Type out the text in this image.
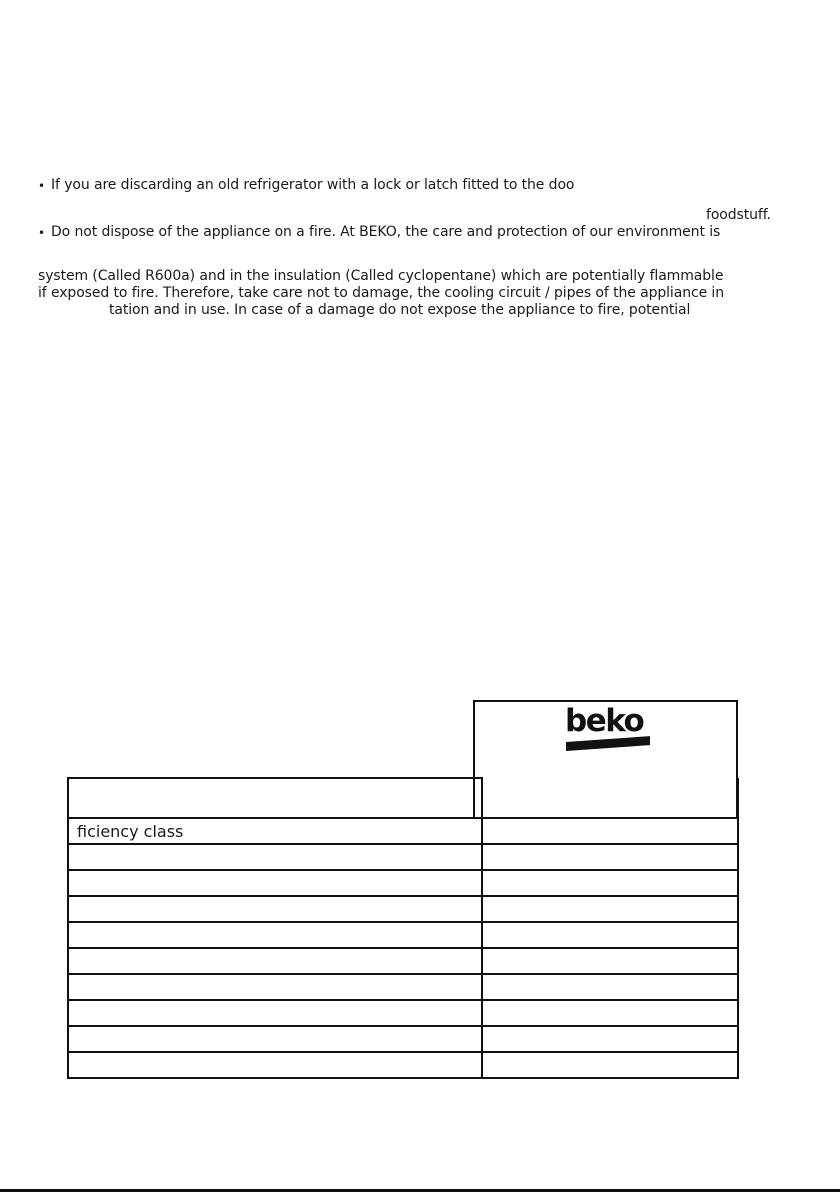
• If you are discarding an old refrigerator with a lock or latch fitted to the doo
foodstuff.
• Do not dispose of the appliance on a fire. At BEKO, the care and protection of our environment is
system (Called R600a) and in the insulation (Called cyclopentane) which are potentially flammable
if exposed to fire. Therefore, take care not to damage, the cooling circuit / pipes of the appliance in
tation and in use. In case of a damage do not expose the appliance to fire, potential
beko

ficiency class	
